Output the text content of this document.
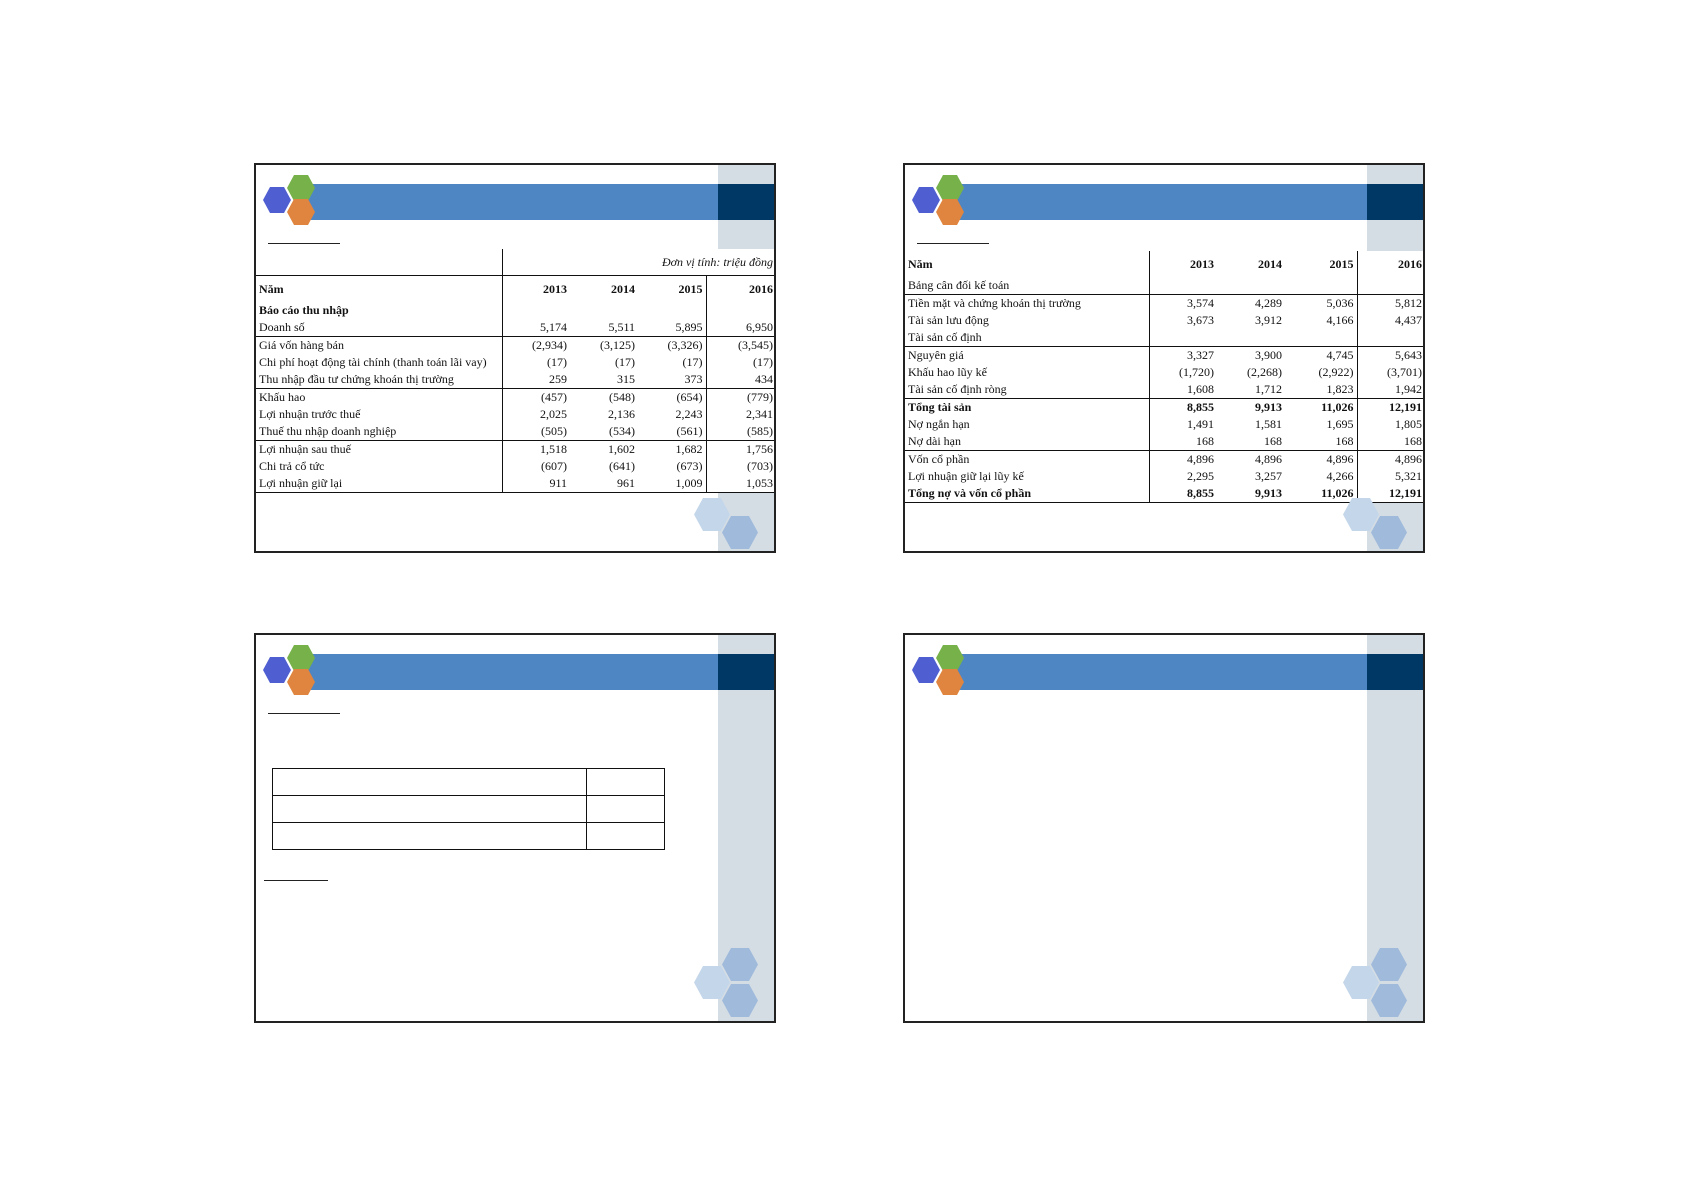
	Đơn vị tính: triệu đồng			
Năm	2013	2014	2015	2016
Báo cáo thu nhập				
Doanh số	5,174	5,511	5,895	6,950
Giá vốn hàng bán	(2,934)	(3,125)	(3,326)	(3,545)
Chi phí hoạt động tài chính (thanh toán lãi vay)	(17)	(17)	(17)	(17)
Thu nhập đầu tư chứng khoán thị trường	259	315	373	434
Khấu hao	(457)	(548)	(654)	(779)
Lợi nhuận trước thuế	2,025	2,136	2,243	2,341
Thuế thu nhập doanh nghiệp	(505)	(534)	(561)	(585)
Lợi nhuận sau thuế	1,518	1,602	1,682	1,756
Chi trả cổ tức	(607)	(641)	(673)	(703)
Lợi nhuận giữ lại	911	961	1,009	1,053
Năm	2013	2014	2015	2016
Bảng cân đối kế toán				
Tiền mặt và chứng khoán thị trường	3,574	4,289	5,036	5,812
Tài sản lưu động	3,673	3,912	4,166	4,437
Tài sản cố định				
Nguyên giá	3,327	3,900	4,745	5,643
Khấu hao lũy kế	(1,720)	(2,268)	(2,922)	(3,701)
Tài sản cố định ròng	1,608	1,712	1,823	1,942
Tổng tài sản	8,855	9,913	11,026	12,191
Nợ ngắn hạn	1,491	1,581	1,695	1,805
Nợ dài hạn	168	168	168	168
Vốn cổ phần	4,896	4,896	4,896	4,896
Lợi nhuận giữ lại lũy kế	2,295	3,257	4,266	5,321
Tổng nợ và vốn cổ phần	8,855	9,913	11,026	12,191
